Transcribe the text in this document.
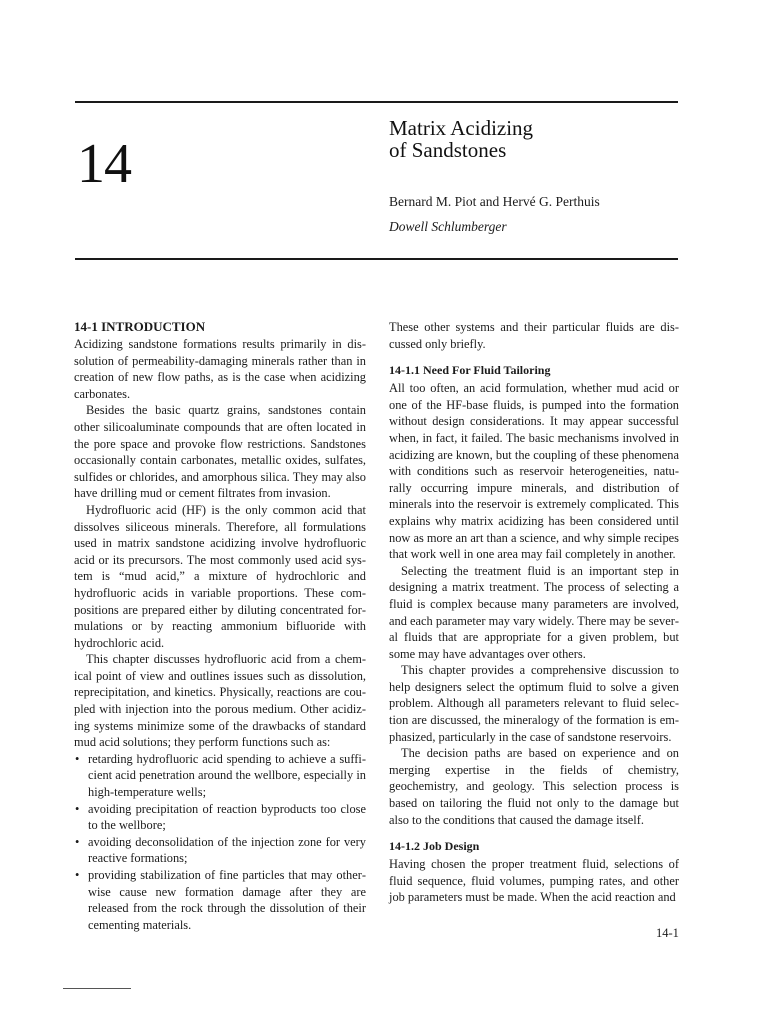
14
Matrix Acidizing
of Sandstones
Bernard M. Piot and Hervé G. Perthuis
Dowell Schlumberger
14-1 INTRODUCTION

Acidizing sandstone formations results primarily in dissolution of permeability-damaging minerals rather than in creation of new flow paths, as is the case when acidizing carbonates.

Besides the basic quartz grains, sandstones contain other silicoaluminate compounds that are often located in the pore space and provoke flow restrictions. Sandstones occasionally contain carbonates, metallic oxides, sulfates, sulfides or chlorides, and amorphous silica. They may also have drilling mud or cement filtrates from invasion.

Hydrofluoric acid (HF) is the only common acid that dissolves siliceous minerals. Therefore, all formulations used in matrix sandstone acidizing involve hydrofluoric acid or its precursors. The most commonly used acid system is “mud acid,” a mixture of hydrochloric and hydrofluoric acids in variable proportions. These compositions are prepared either by diluting concentrated formulations or by reacting ammonium bifluoride with hydrochloric acid.

This chapter discusses hydrofluoric acid from a chemical point of view and outlines issues such as dissolution, reprecipitation, and kinetics. Physically, reactions are coupled with injection into the porous medium. Other acidizing systems minimize some of the drawbacks of standard mud acid solutions; they perform functions such as:

• retarding hydrofluoric acid spending to achieve a sufficient acid penetration around the wellbore, especially in high-temperature wells;
• avoiding precipitation of reaction byproducts too close to the wellbore;
• avoiding deconsolidation of the injection zone for very reactive formations;
• providing stabilization of fine particles that may otherwise cause new formation damage after they are released from the rock through the dissolution of their cementing materials.

These other systems and their particular fluids are discussed only briefly.

14-1.1 Need For Fluid Tailoring

All too often, an acid formulation, whether mud acid or one of the HF-base fluids, is pumped into the formation without design considerations. It may appear successful when, in fact, it failed. The basic mechanisms involved in acidizing are known, but the coupling of these phenomena with conditions such as reservoir heterogeneities, naturally occurring impure minerals, and distribution of minerals into the reservoir is extremely complicated. This explains why matrix acidizing has been considered until now as more an art than a science, and why simple recipes that work well in one area may fail completely in another.

Selecting the treatment fluid is an important step in designing a matrix treatment. The process of selecting a fluid is complex because many parameters are involved, and each parameter may vary widely. There may be several fluids that are appropriate for a given problem, but some may have advantages over others.

This chapter provides a comprehensive discussion to help designers select the optimum fluid to solve a given problem. Although all parameters relevant to fluid selection are discussed, the mineralogy of the formation is emphasized, particularly in the case of sandstone reservoirs.

The decision paths are based on experience and on merging expertise in the fields of chemistry, geochemistry, and geology. This selection process is based on tailoring the fluid not only to the damage but also to the conditions that caused the damage itself.

14-1.2 Job Design

Having chosen the proper treatment fluid, selections of fluid sequence, fluid volumes, pumping rates, and other job parameters must be made. When the acid reaction and

14-1
